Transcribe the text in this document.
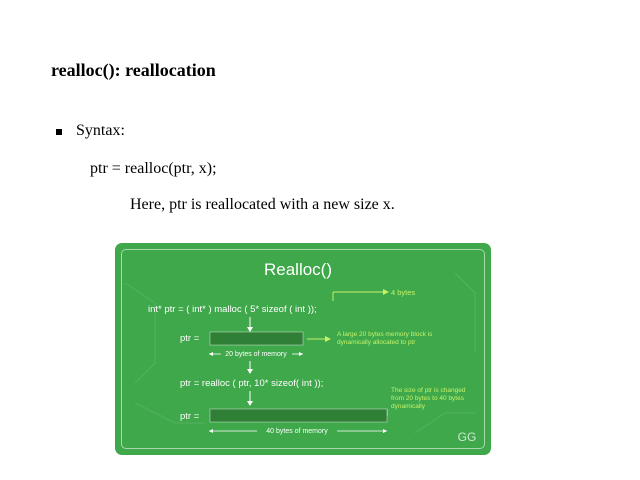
realloc(): reallocation
Syntax:
ptr = realloc(ptr, x);
Here, ptr is reallocated with a new size x.
Realloc()
4 bytes
int* ptr = ( int* ) malloc ( 5* sizeof ( int ));
ptr =	A large 20 bytes memory block is
dynamically allocated to ptr
20 bytes of memory
ptr = realloc ( ptr, 10* sizeof( int ));
The size of ptr is changed
from 20 bytes to 40 bytes
dynamically
ptr =
40 bytes of memory	GG
